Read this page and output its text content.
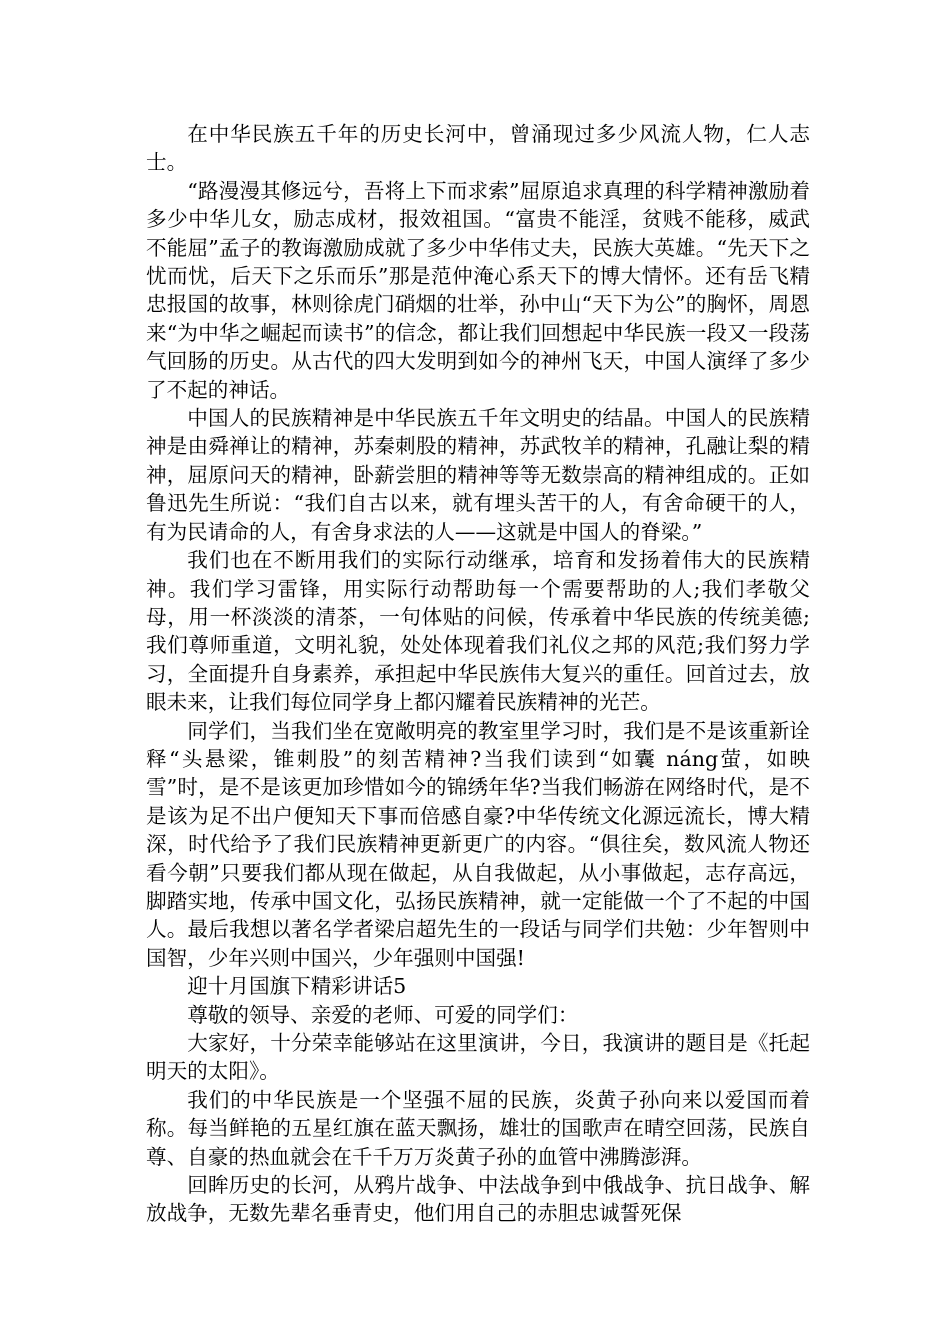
在中华民族五千年的历史长河中，曾涌现过多少风流人物，仁人志士。

“路漫漫其修远兮，吾将上下而求索”屈原追求真理的科学精神激励着多少中华儿女，励志成材，报效祖国。“富贵不能淫，贫贱不能移，威武不能屈”孟子的教诲激励成就了多少中华伟丈夫，民族大英雄。“先天下之忧而忧，后天下之乐而乐”那是范仲淹心系天下的博大情怀。还有岳飞精忠报国的故事，林则徐虎门硝烟的壮举，孙中山“天下为公”的胸怀，周恩来“为中华之崛起而读书”的信念，都让我们回想起中华民族一段又一段荡气回肠的历史。从古代的四大发明到如今的神州飞天，中国人演绎了多少了不起的神话。

中国人的民族精神是中华民族五千年文明史的结晶。中国人的民族精神是由舜禅让的精神，苏秦刺股的精神，苏武牧羊的精神，孔融让梨的精神，屈原问天的精神，卧薪尝胆的精神等等无数崇高的精神组成的。正如鲁迅先生所说：“我们自古以来，就有埋头苦干的人，有舍命硬干的人，有为民请命的人，有舍身求法的人——这就是中国人的脊梁。”

我们也在不断用我们的实际行动继承，培育和发扬着伟大的民族精神。我们学习雷锋，用实际行动帮助每一个需要帮助的人;我们孝敬父母，用一杯淡淡的清茶，一句体贴的问候，传承着中华民族的传统美德;我们尊师重道，文明礼貌，处处体现着我们礼仪之邦的风范;我们努力学习，全面提升自身素养，承担起中华民族伟大复兴的重任。回首过去，放眼未来，让我们每位同学身上都闪耀着民族精神的光芒。

同学们，当我们坐在宽敞明亮的教室里学习时，我们是不是该重新诠释“头悬梁，锥刺股”的刻苦精神?当我们读到“如囊 náng萤，如映雪”时，是不是该更加珍惜如今的锦绣年华?当我们畅游在网络时代，是不是该为足不出户便知天下事而倍感自豪?中华传统文化源远流长，博大精深，时代给予了我们民族精神更新更广的内容。“俱往矣，数风流人物还看今朝”只要我们都从现在做起，从自我做起，从小事做起，志存高远，脚踏实地，传承中国文化，弘扬民族精神，就一定能做一个了不起的中国人。最后我想以著名学者梁启超先生的一段话与同学们共勉：少年智则中国智，少年兴则中国兴，少年强则中国强!

迎十月国旗下精彩讲话5

尊敬的领导、亲爱的老师、可爱的同学们：

大家好，十分荣幸能够站在这里演讲，今日，我演讲的题目是《托起明天的太阳》。

我们的中华民族是一个坚强不屈的民族，炎黄子孙向来以爱国而着称。每当鲜艳的五星红旗在蓝天飘扬，雄壮的国歌声在晴空回荡，民族自尊、自豪的热血就会在千千万万炎黄子孙的血管中沸腾澎湃。

回眸历史的长河，从鸦片战争、中法战争到中俄战争、抗日战争、解放战争，无数先辈名垂青史，他们用自己的赤胆忠诚誓死保
